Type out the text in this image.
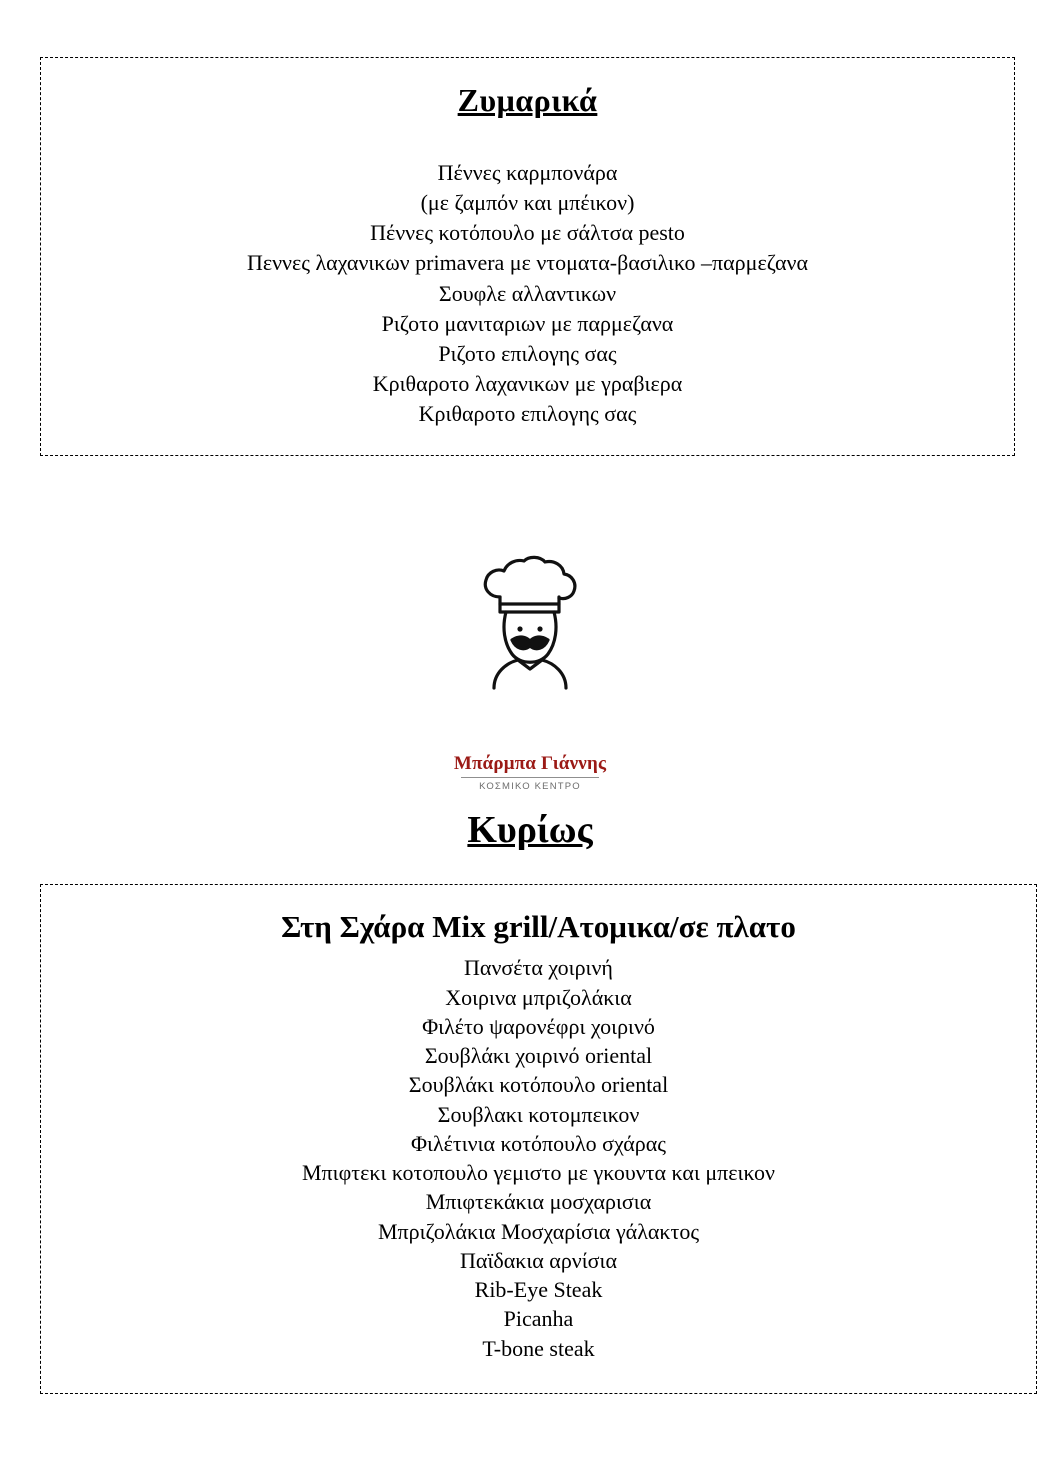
Ζυμαρικά
Πέννες καρμπονάρα
(με ζαμπόν και μπέικον)
Πέννες κοτόπουλο με σάλτσα pesto
Πεννες λαχανικων primavera με ντοματα-βασιλικο –παρμεζανα
Σουφλε αλλαντικων
Ριζοτο μανιταριων με παρμεζανα
Ριζοτο επιλογης σας
Κριθαροτο λαχανικων με γραβιερα
Κριθαροτο επιλογης σας
Μπάρμπα Γιάννης
ΚΟΣΜΙΚΟ ΚΕΝΤΡΟ
Κυρίως
Στη Σχάρα Mix grill/Ατομικα/σε πλατο
Πανσέτα χοιρινή
Χοιρινα μπριζολάκια
Φιλέτο ψαρονέφρι χοιρινό
Σουβλάκι χοιρινό oriental
Σουβλάκι κοτόπουλο oriental
Σουβλακι κοτομπεικον
Φιλέτινια κοτόπουλο σχάρας
Μπιφτεκι κοτοπουλο γεμιστο με γκουντα και μπεικον
Μπιφτεκάκια μοσχαρισια
Μπριζολάκια Μοσχαρίσια γάλακτος
Παϊδακια αρνίσια
Rib-Eye Steak
Picanha
T-bone steak
